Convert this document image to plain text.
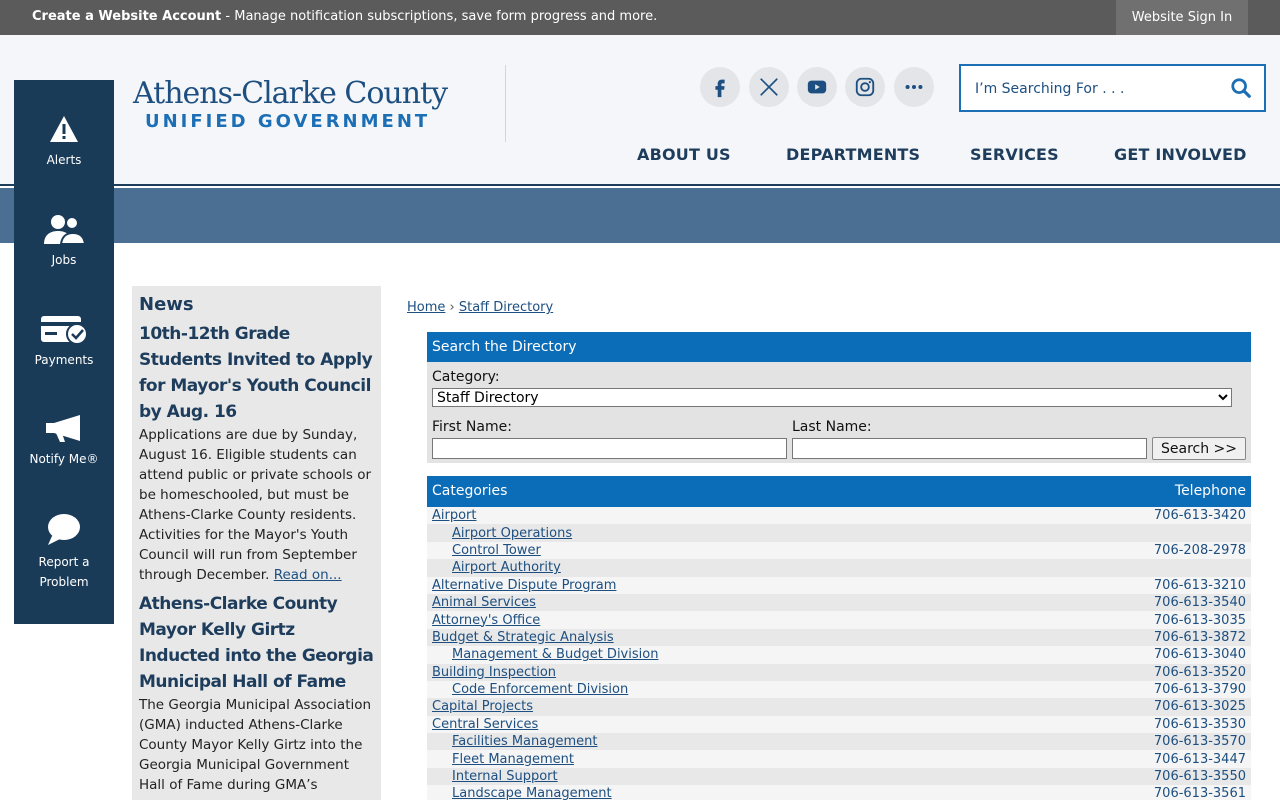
Create a Website Account - Manage notification subscriptions, save form progress and more.	Website Sign In
Athens-Clarke County
UNIFIED GOVERNMENT
I’m Searching For . . .
ABOUT US	DEPARTMENTS	SERVICES	GET INVOLVED
Alerts
Jobs
Payments
Notify Me®
Report a Problem
News
10th-12th Grade Students Invited to Apply for Mayor's Youth Council by Aug. 16

Applications are due by Sunday, August 16. Eligible students can attend public or private schools or be homeschooled, but must be Athens-Clarke County residents. Activities for the Mayor's Youth Council will run from September through December. Read on...

Athens-Clarke County Mayor Kelly Girtz Inducted into the Georgia Municipal Hall of Fame The Georgia Municipal Association (GMA) inducted Athens-Clarke County Mayor Kelly Girtz into the Georgia Municipal Government Hall of Fame during GMA’s

Home › Staff Directory
Search the Directory
Category:
Staff Directory
First Name:	Last Name:
Search >>
Categories	Telephone
Airport	706-613-3420
Airport Operations
Control Tower	706-208-2978
Airport Authority
Alternative Dispute Program	706-613-3210
Animal Services	706-613-3540
Attorney's Office	706-613-3035
Budget & Strategic Analysis	706-613-3872
Management & Budget Division	706-613-3040
Building Inspection	706-613-3520
Code Enforcement Division	706-613-3790
Capital Projects	706-613-3025
Central Services	706-613-3530
Facilities Management	706-613-3570
Fleet Management	706-613-3447
Internal Support	706-613-3550
Landscape Management	706-613-3561
